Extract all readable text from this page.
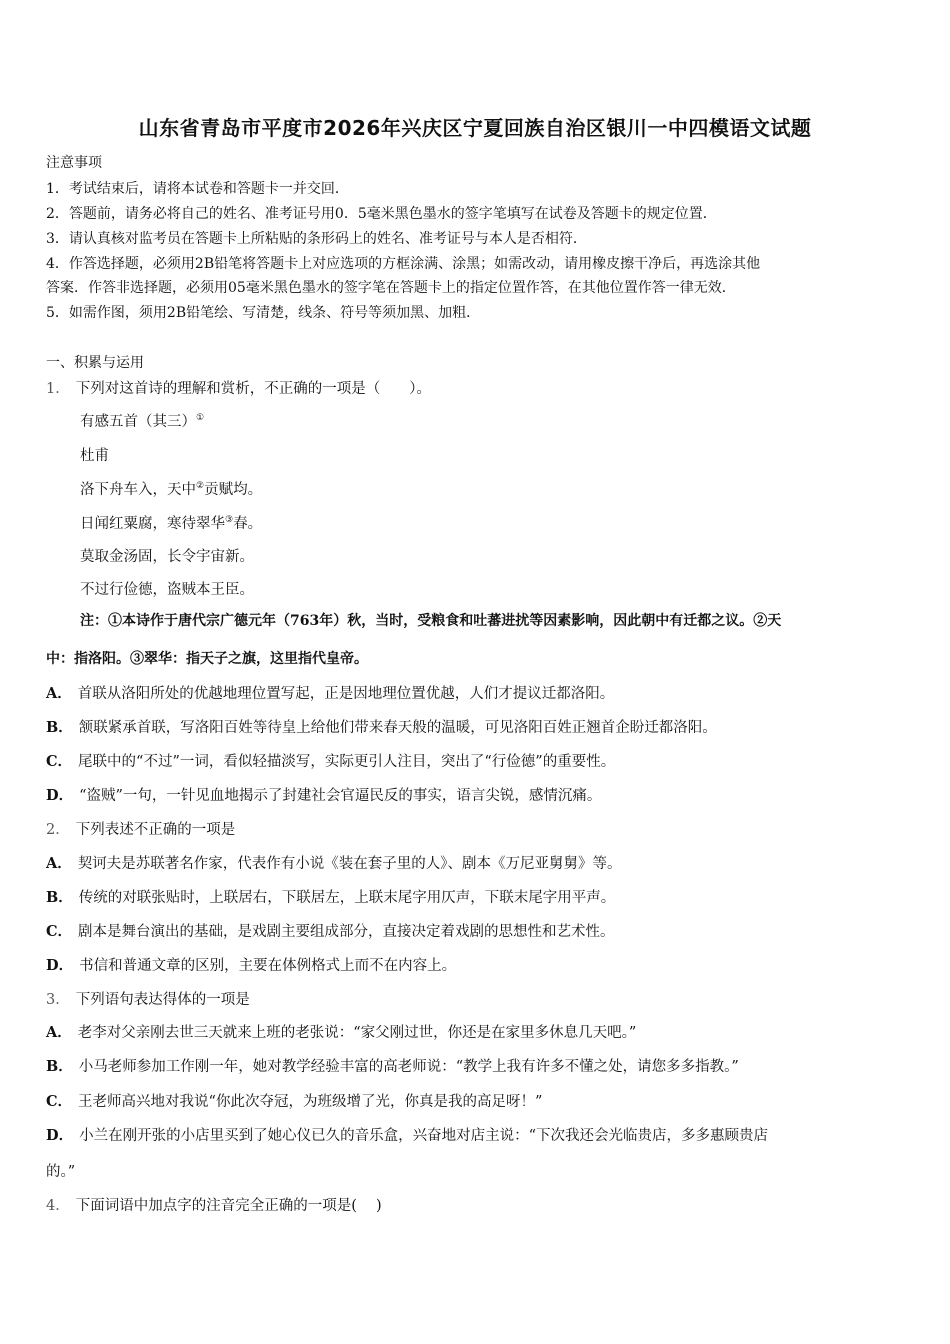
山东省青岛市平度市2026年兴庆区宁夏回族自治区银川一中四模语文试题
注意事项
1．考试结束后，请将本试卷和答题卡一并交回．
2．答题前，请务必将自己的姓名、准考证号用0．5毫米黑色墨水的签字笔填写在试卷及答题卡的规定位置．
3．请认真核对监考员在答题卡上所粘贴的条形码上的姓名、准考证号与本人是否相符．
4．作答选择题，必须用2B铅笔将答题卡上对应选项的方框涂满、涂黑；如需改动，请用橡皮擦干净后，再选涂其他
答案．作答非选择题，必须用05毫米黑色墨水的签字笔在答题卡上的指定位置作答，在其他位置作答一律无效．
5．如需作图，须用2B铅笔绘、写清楚，线条、符号等须加黑、加粗．
一、积累与运用
1． 下列对这首诗的理解和赏析，不正确的一项是（　　）。
有感五首（其三）①
杜甫
洛下舟车入，天中②贡赋均。
日闻红粟腐，寒待翠华③春。
莫取金汤固，长令宇宙新。
不过行俭德，盗贼本王臣。
注：①本诗作于唐代宗广德元年（763年）秋，当时，受粮食和吐蕃进扰等因素影响，因此朝中有迁都之议。②天
中：指洛阳。③翠华：指天子之旗，这里指代皇帝。
A． 首联从洛阳所处的优越地理位置写起，正是因地理位置优越，人们才提议迁都洛阳。
B． 颔联紧承首联，写洛阳百姓等待皇上给他们带来春天般的温暖，可见洛阳百姓正翘首企盼迁都洛阳。
C． 尾联中的“不过”一词，看似轻描淡写，实际更引人注目，突出了“行俭德”的重要性。
D． “盗贼”一句，一针见血地揭示了封建社会官逼民反的事实，语言尖锐，感情沉痛。
2． 下列表述不正确的一项是
A． 契诃夫是苏联著名作家，代表作有小说《装在套子里的人》、剧本《万尼亚舅舅》等。
B． 传统的对联张贴时，上联居右，下联居左，上联末尾字用仄声，下联末尾字用平声。
C． 剧本是舞台演出的基础，是戏剧主要组成部分，直接决定着戏剧的思想性和艺术性。
D． 书信和普通文章的区别，主要在体例格式上而不在内容上。
3． 下列语句表达得体的一项是
A． 老李对父亲刚去世三天就来上班的老张说：“家父刚过世，你还是在家里多休息几天吧。”
B． 小马老师参加工作刚一年，她对教学经验丰富的高老师说：“教学上我有许多不懂之处，请您多多指教。”
C． 王老师高兴地对我说“你此次夺冠，为班级增了光，你真是我的高足呀！”
D． 小兰在刚开张的小店里买到了她心仪已久的音乐盒，兴奋地对店主说：“下次我还会光临贵店，多多惠顾贵店
的。”
4． 下面词语中加点字的注音完全正确的一项是(　 )
